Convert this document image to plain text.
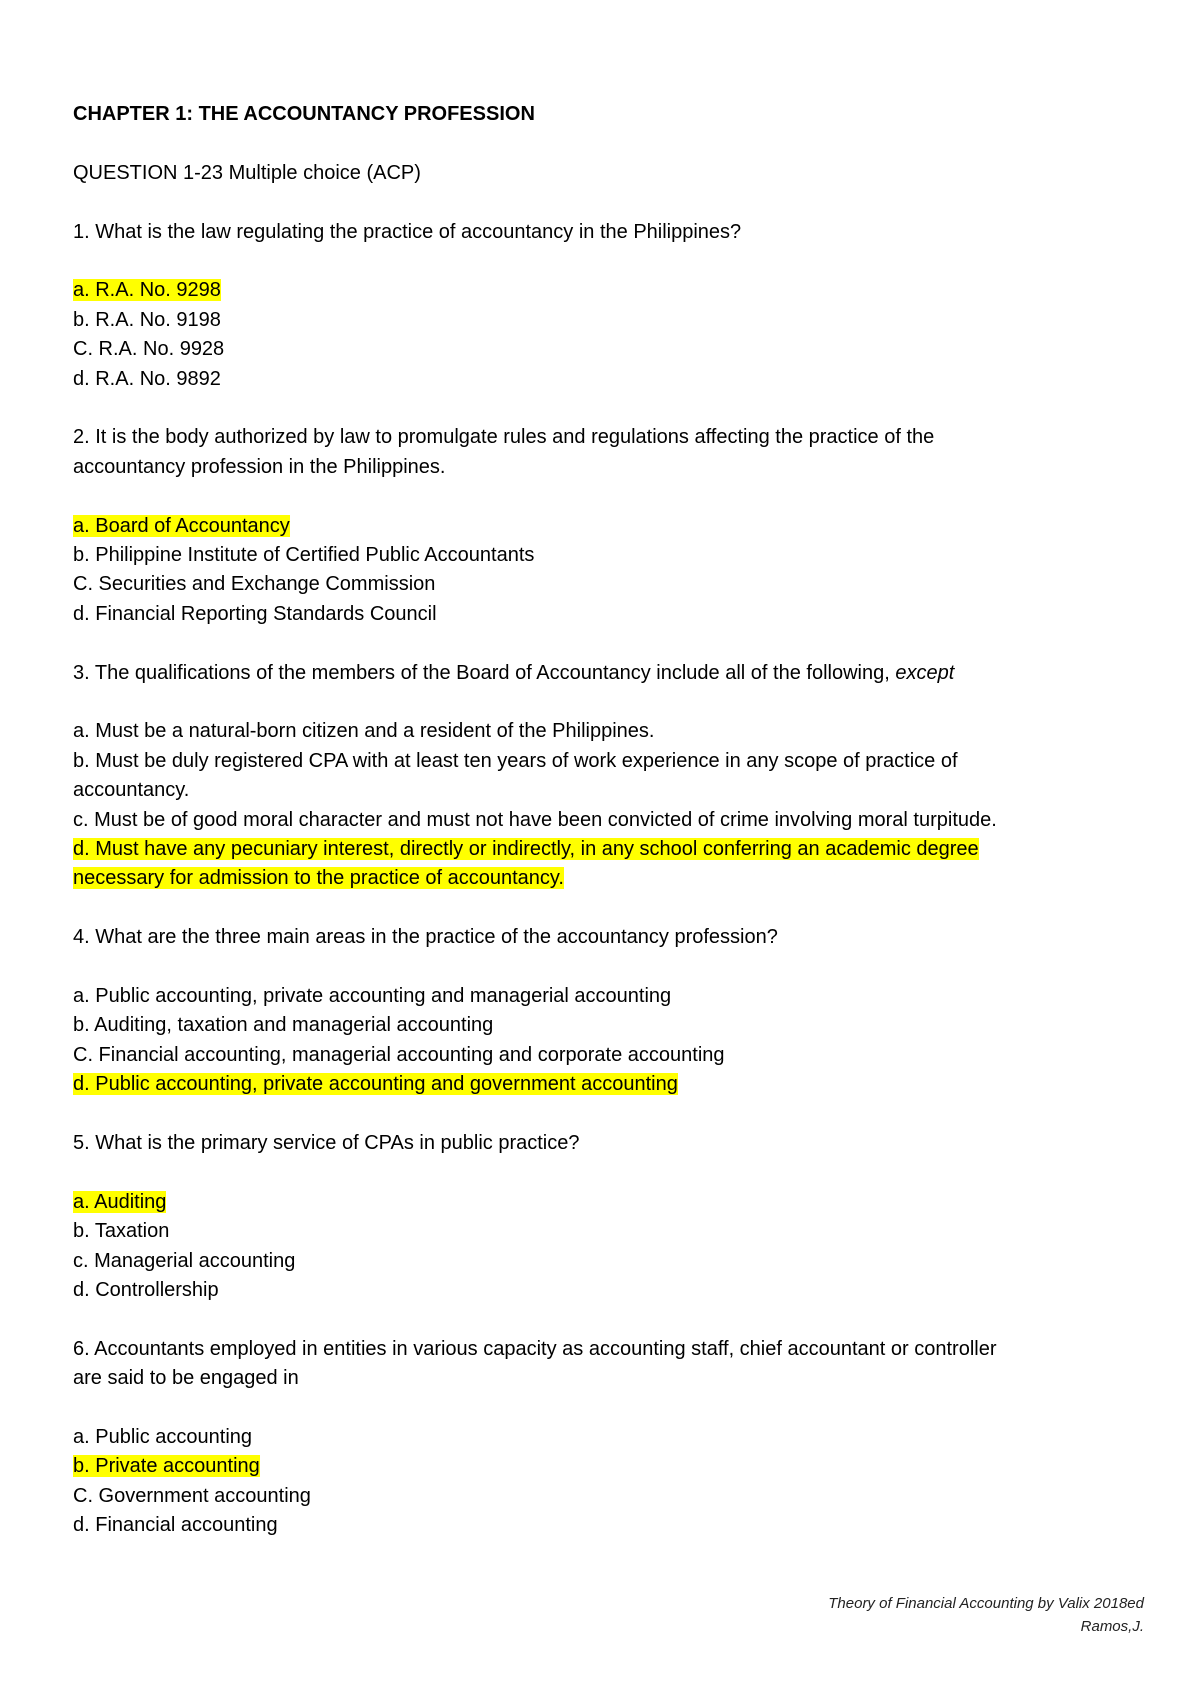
CHAPTER 1: THE ACCOUNTANCY PROFESSION

QUESTION 1-23 Multiple choice (ACP)

1. What is the law regulating the practice of accountancy in the Philippines?

a. R.A. No. 9298

b. R.A. No. 9198

C. R.A. No. 9928

d. R.A. No. 9892

2. It is the body authorized by law to promulgate rules and regulations affecting the practice of the

accountancy profession in the Philippines.

a. Board of Accountancy

b. Philippine Institute of Certified Public Accountants

C. Securities and Exchange Commission

d. Financial Reporting Standards Council

3. The qualifications of the members of the Board of Accountancy include all of the following, except

a. Must be a natural-born citizen and a resident of the Philippines.

b. Must be duly registered CPA with at least ten years of work experience in any scope of practice of

accountancy.

c. Must be of good moral character and must not have been convicted of crime involving moral turpitude.

d. Must have any pecuniary interest, directly or indirectly, in any school conferring an academic degree

necessary for admission to the practice of accountancy.

4. What are the three main areas in the practice of the accountancy profession?

a. Public accounting, private accounting and managerial accounting

b. Auditing, taxation and managerial accounting

C. Financial accounting, managerial accounting and corporate accounting

d. Public accounting, private accounting and government accounting

5. What is the primary service of CPAs in public practice?

a. Auditing

b. Taxation

c. Managerial accounting

d. Controllership

6. Accountants employed in entities in various capacity as accounting staff, chief accountant or controller

are said to be engaged in

a. Public accounting

b. Private accounting

C. Government accounting

d. Financial accounting

Theory of Financial Accounting by Valix 2018ed
Ramos,J.
